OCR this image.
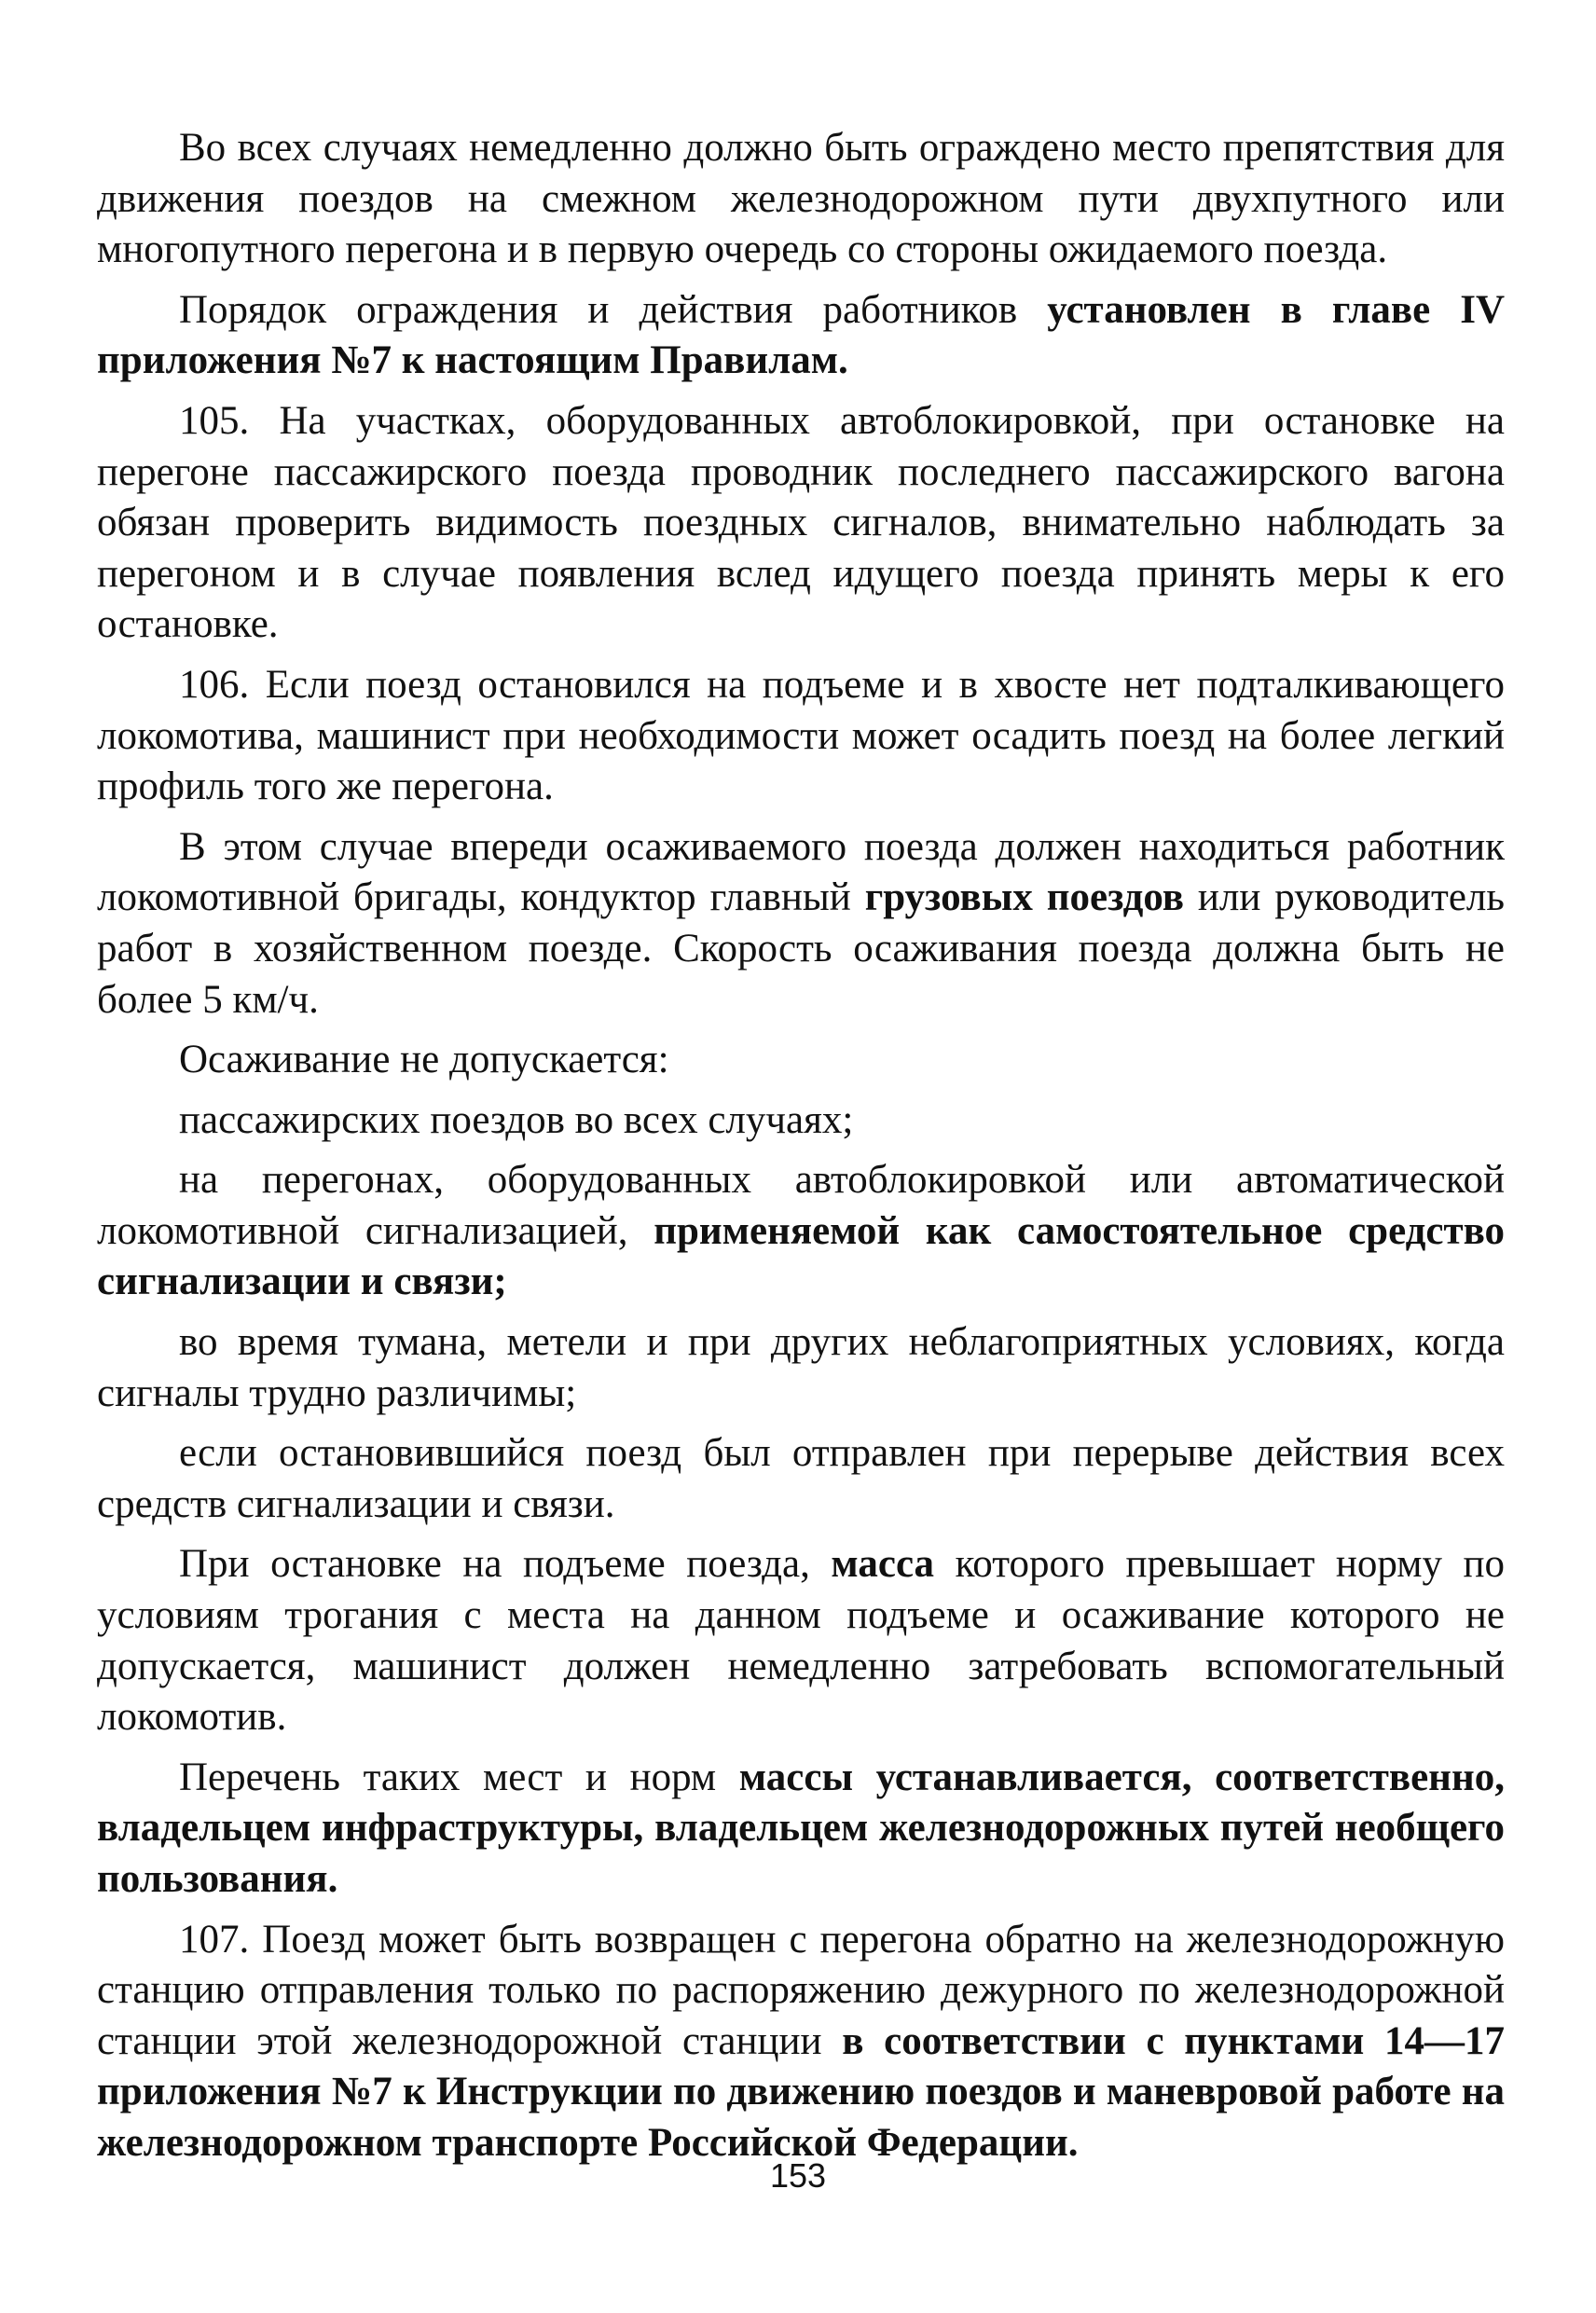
Во всех случаях немедленно должно быть ограждено место препятствия для движения поездов на смежном железнодорожном пути двухпутного или многопутного перегона и в первую очередь со стороны ожидаемого поезда.

Порядок ограждения и действия работников установлен в главе IV приложения №7 к настоящим Правилам.

105. На участках, оборудованных автоблокировкой, при остановке на перегоне пассажирского поезда проводник последнего пассажирского вагона обязан проверить видимость поездных сигналов, внимательно наблюдать за перегоном и в случае появления вслед идущего поезда принять меры к его остановке.

106. Если поезд остановился на подъеме и в хвосте нет подталкивающего локомотива, машинист при необходимости может осадить поезд на более легкий профиль того же перегона.

В этом случае впереди осаживаемого поезда должен находиться работник локомотивной бригады, кондуктор главный грузовых поездов или руководитель работ в хозяйственном поезде. Скорость осаживания поезда должна быть не более 5 км/ч.

Осаживание не допускается:

пассажирских поездов во всех случаях;

на перегонах, оборудованных автоблокировкой или автоматической локомотивной сигнализацией, применяемой как самостоятельное средство сигнализации и связи;

во время тумана, метели и при других неблагоприятных условиях, когда сигналы трудно различимы;

если остановившийся поезд был отправлен при перерыве действия всех средств сигнализации и связи.

При остановке на подъеме поезда, масса которого превышает норму по условиям трогания с места на данном подъеме и осаживание которого не допускается, машинист должен немедленно затребовать вспомогательный локомотив.

Перечень таких мест и норм массы устанавливается, соответственно, владельцем инфраструктуры, владельцем железнодорожных путей необщего пользования.

107. Поезд может быть возвращен с перегона обратно на железнодорожную станцию отправления только по распоряжению дежурного по железнодорожной станции этой железнодорожной станции в соответствии с пунктами 14—17 приложения №7 к Инструкции по движению поездов и маневровой работе на железнодорожном транспорте Российской Федерации.

153
